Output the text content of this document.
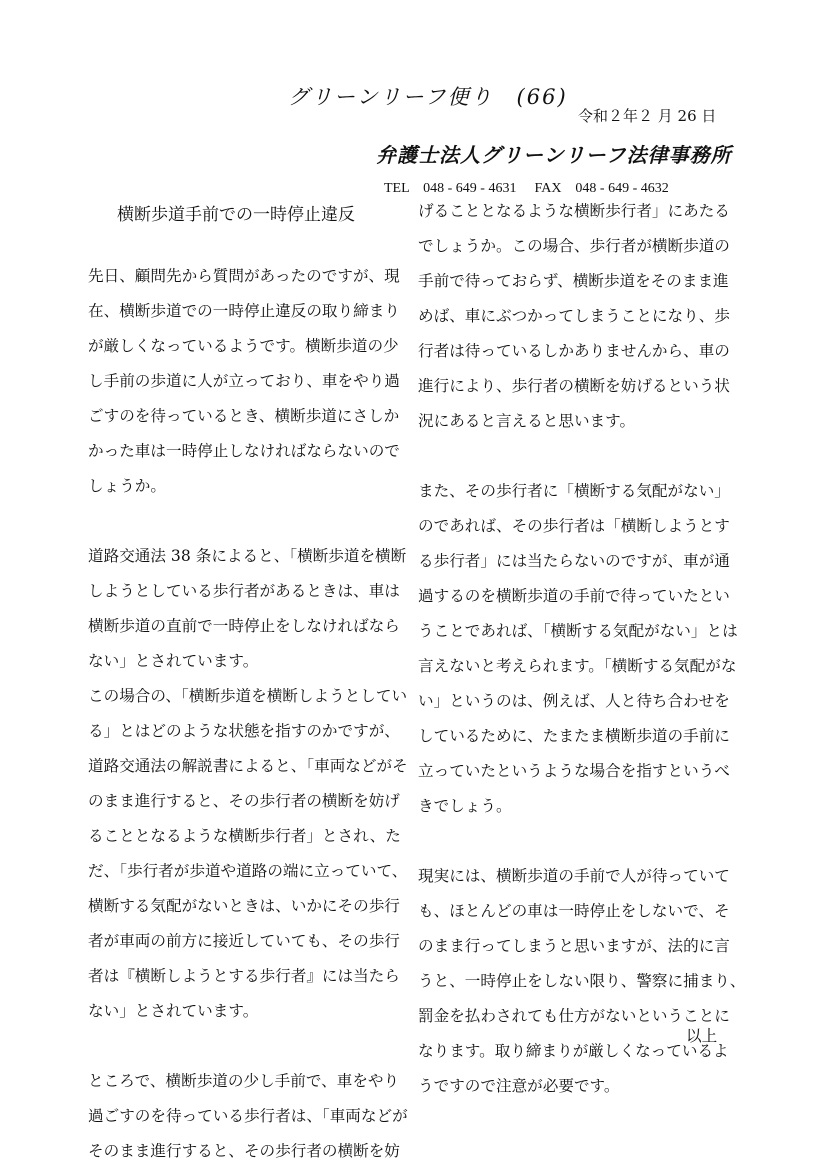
グリーンリーフ便り　(66)
令和２年２ 月 26 日
弁護士法人グリーンリーフ法律事務所
TEL　048 - 649 - 4631 FAX　048 - 649 - 4632
横断歩道手前での一時停止違反
先日、顧問先から質問があったのですが、現
在、横断歩道での一時停止違反の取り締まり
が厳しくなっているようです。横断歩道の少
し手前の歩道に人が立っており、車をやり過
ごすのを待っているとき、横断歩道にさしか
かった車は一時停止しなければならないので
しょうか。
道路交通法 38 条によると、「横断歩道を横断
しようとしている歩行者があるときは、車は
横断歩道の直前で一時停止をしなければなら
ない」とされています。
この場合の、「横断歩道を横断しようとしてい
る」とはどのような状態を指すのかですが、
道路交通法の解説書によると、「車両などがそ
のまま進行すると、その歩行者の横断を妨げ
ることとなるような横断歩行者」とされ、た
だ、「歩行者が歩道や道路の端に立っていて、
横断する気配がないときは、いかにその歩行
者が車両の前方に接近していても、その歩行
者は『横断しようとする歩行者』には当たら
ない」とされています。
ところで、横断歩道の少し手前で、車をやり
過ごすのを待っている歩行者は、「車両などが
そのまま進行すると、その歩行者の横断を妨
げることとなるような横断歩行者」にあたる
でしょうか。この場合、歩行者が横断歩道の
手前で待っておらず、横断歩道をそのまま進
めば、車にぶつかってしまうことになり、歩
行者は待っているしかありませんから、車の
進行により、歩行者の横断を妨げるという状
況にあると言えると思います。
また、その歩行者に「横断する気配がない」
のであれば、その歩行者は「横断しようとす
る歩行者」には当たらないのですが、車が通
過するのを横断歩道の手前で待っていたとい
うことであれば、「横断する気配がない」とは
言えないと考えられます。「横断する気配がな
い」というのは、例えば、人と待ち合わせを
しているために、たまたま横断歩道の手前に
立っていたというような場合を指すというべ
きでしょう。
現実には、横断歩道の手前で人が待っていて
も、ほとんどの車は一時停止をしないで、そ
のまま行ってしまうと思いますが、法的に言
うと、一時停止をしない限り、警察に捕まり、
罰金を払わされても仕方がないということに
なります。取り締まりが厳しくなっているよ
うですので注意が必要です。
以上
